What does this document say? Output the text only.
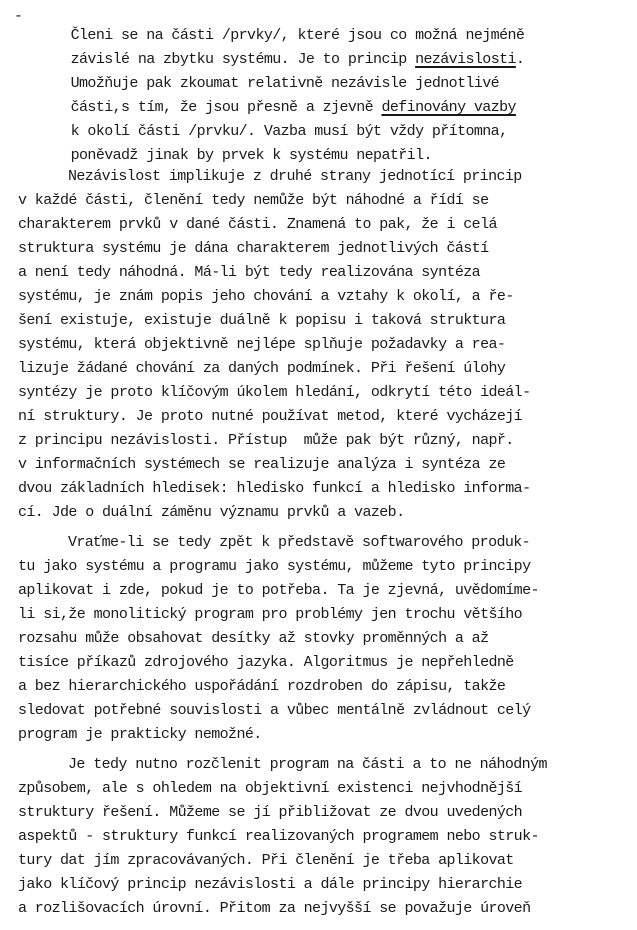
-

Členi se na části /prvky/, které jsou co možná nejméně

závislé na zbytku systému. Je to princip nezávislosti.

Umožňuje pak zkoumat relativně nezávisle jednotlivé

části,s tím, že jsou přesně a zjevně definovány vazby

k okolí části /prvku/. Vazba musí být vždy přítomna,

poněvadž jinak by prvek k systému nepatřil.

Nezávislost implikuje z druhé strany jednotící princip
v každé části, členění tedy nemůže být náhodné a řídí se
charakterem prvků v dané části. Znamená to pak, že i celá
struktura systému je dána charakterem jednotlivých částí
a není tedy náhodná. Má-li být tedy realizována syntéza
systému, je znám popis jeho chování a vztahy k okolí, a ře-
šení existuje, existuje duálně k popisu i taková struktura
systému, která objektivně nejlépe splňuje požadavky a rea-
lizuje žádané chování za daných podmínek. Při řešení úlohy
syntézy je proto klíčovým úkolem hledání, odkrytí této ideál-
ní struktury. Je proto nutné používat metod, které vycházejí
z principu nezávislosti. Přístup  může pak být různý, např.
v informačních systémech se realizuje analýza i syntéza ze
dvou základních hledisek: hledisko funkcí a hledisko informa-
cí. Jde o duální záměnu významu prvků a vazeb.
Vraťme-li se tedy zpět k představě softwarového produk-
tu jako systému a programu jako systému, můžeme tyto principy
aplikovat i zde, pokud je to potřeba. Ta je zjevná, uvědomíme-
li si,že monolitický program pro problémy jen trochu většího
rozsahu může obsahovat desítky až stovky proměnných a až
tisíce příkazů zdrojového jazyka. Algoritmus je nepřehledně
a bez hierarchického uspořádání rozdroben do zápisu, takže
sledovat potřebné souvislosti a vůbec mentálně zvládnout celý
program je prakticky nemožné.
Je tedy nutno rozčlenit program na části a to ne náhodným
způsobem, ale s ohledem na objektivní existenci nejvhodnější
struktury řešení. Můžeme se jí přibližovat ze dvou uvedených
aspektů - struktury funkcí realizovaných programem nebo struk-
tury dat jím zpracovávaných. Při členění je třeba aplikovat
jako klíčový princip nezávislosti a dále principy hierarchie
a rozlišovacích úrovní. Přitom za nejvyšší se považuje úroveň
